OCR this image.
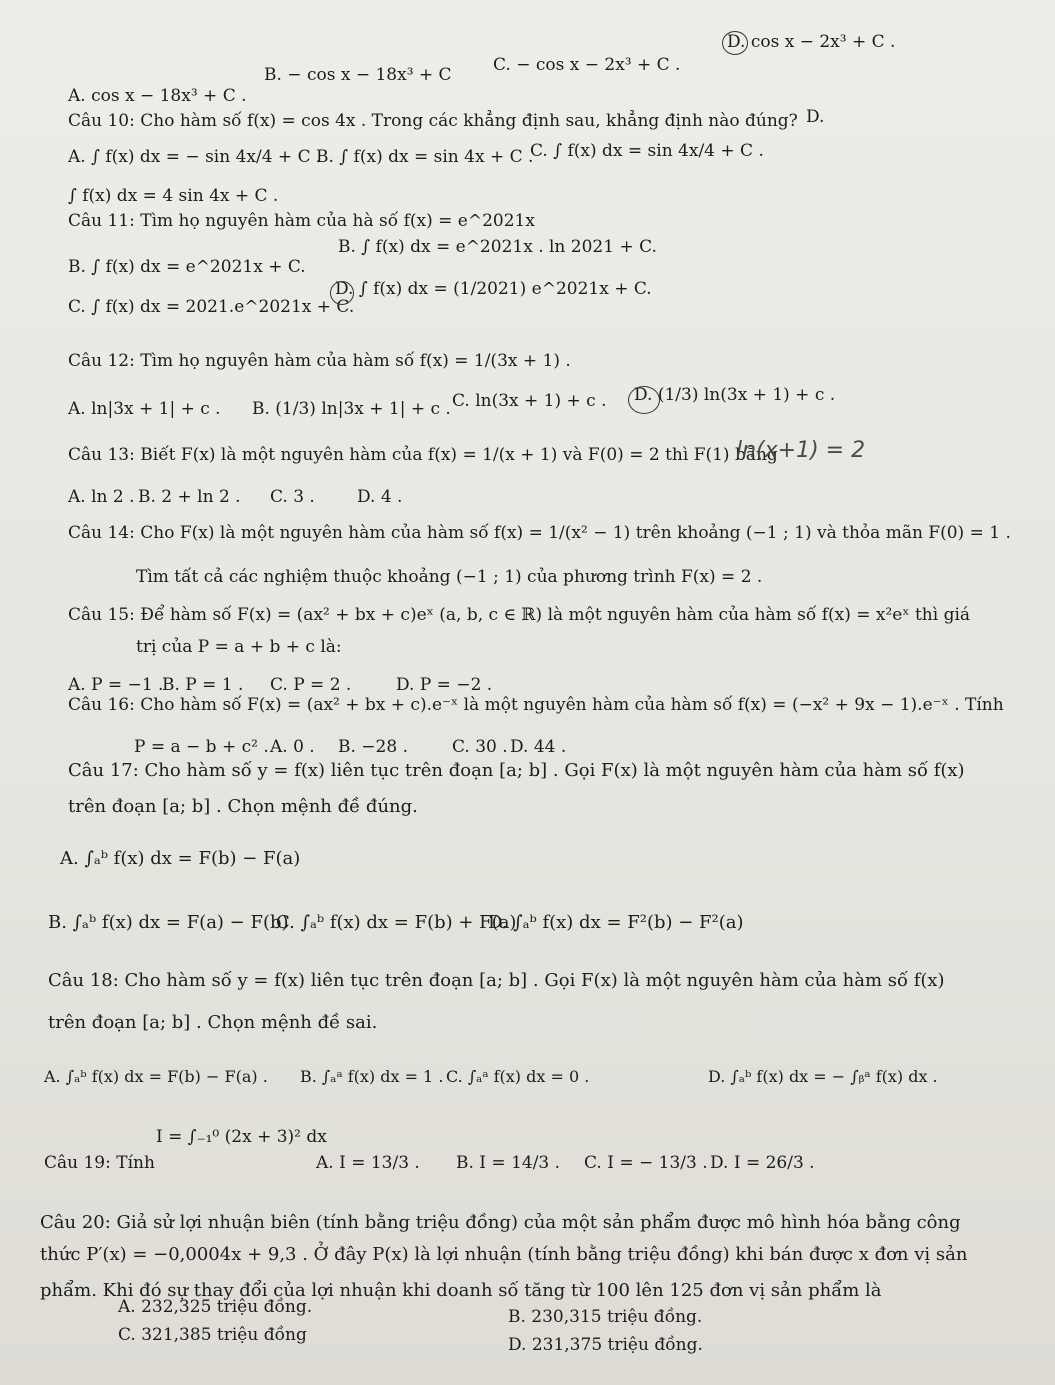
C. − cos x − 2x³ + C .
D. cos x − 2x³ + C .
A. cos x − 18x³ + C .
B. − cos x − 18x³ + C
Câu 10: Cho hàm số f(x) = cos 4x . Trong các khẳng định sau, khẳng định nào đúng?
A. ∫ f(x) dx = − sin 4x/4 + C .
B. ∫ f(x) dx = sin 4x + C .
C. ∫ f(x) dx = sin 4x/4 + C .
D.
∫ f(x) dx = 4 sin 4x + C .
Câu 11: Tìm họ nguyên hàm của hà số f(x) = e^2021x
B. ∫ f(x) dx = e^2021x + C.
B. ∫ f(x) dx = e^2021x . ln 2021 + C.
C. ∫ f(x) dx = 2021.e^2021x + C.
D. ∫ f(x) dx = (1/2021) e^2021x + C.
Câu 12: Tìm họ nguyên hàm của hàm số f(x) = 1/(3x + 1) .
A. ln|3x + 1| + c . B. (1/3) ln|3x + 1| + c . C. ln(3x + 1) + c . D. (1/3) ln(3x + 1) + c .
Câu 13: Biết F(x) là một nguyên hàm của f(x) = 1/(x + 1) và F(0) = 2 thì F(1) bằng
ln(x+1) = 2
A. ln 2 . B. 2 + ln 2 . C. 3 . D. 4 .
Câu 14: Cho F(x) là một nguyên hàm của hàm số f(x) = 1/(x² − 1) trên khoảng (−1 ; 1) và thỏa mãn F(0) = 1 .
Tìm tất cả các nghiệm thuộc khoảng (−1 ; 1) của phương trình F(x) = 2 .
Câu 15: Để hàm số F(x) = (ax² + bx + c)eˣ (a, b, c ∈ ℝ) là một nguyên hàm của hàm số f(x) = x²eˣ thì giá
trị của P = a + b + c là:
A. P = −1 .
B. P = 1 . C. P = 2 .	D. P = −2 .
Câu 16: Cho hàm số F(x) = (ax² + bx + c).e⁻ˣ là một nguyên hàm của hàm số f(x) = (−x² + 9x − 1).e⁻ˣ . Tính
P = a − b + c² . A. 0 . B. −28 .	C. 30 . D. 44 .
Câu 17: Cho hàm số y = f(x) liên tục trên đoạn [a; b] . Gọi F(x) là một nguyên hàm của hàm số f(x)
trên đoạn [a; b] . Chọn mệnh đề đúng.
A. ∫ₐᵇ f(x) dx = F(b) − F(a)
B. ∫ₐᵇ f(x) dx = F(a) − F(b)
C. ∫ₐᵇ f(x) dx = F(b) + F(a)
D. ∫ₐᵇ f(x) dx = F²(b) − F²(a)
Câu 18: Cho hàm số y = f(x) liên tục trên đoạn [a; b] . Gọi F(x) là một nguyên hàm của hàm số f(x)
trên đoạn [a; b] . Chọn mệnh đề sai.
A. ∫ₐᵇ f(x) dx = F(b) − F(a) . B. ∫ₐᵃ f(x) dx = 1 . C. ∫ₐᵃ f(x) dx = 0 .	D. ∫ₐᵇ f(x) dx = − ∫ᵦᵃ f(x) dx .
Câu 19: Tính
I = ∫₋₁⁰ (2x + 3)² dx
A. I = 13/3 . B. I = 14/3 . C. I = − 13/3 . D. I = 26/3 .
Câu 20: Giả sử lợi nhuận biên (tính bằng triệu đồng) của một sản phẩm được mô hình hóa bằng công
thức P′(x) = −0,0004x + 9,3 . Ở đây P(x) là lợi nhuận (tính bằng triệu đồng) khi bán được x đơn vị sản
phẩm. Khi đó sự thay đổi của lợi nhuận khi doanh số tăng từ 100 lên 125 đơn vị sản phẩm là
A. 232,325 triệu đồng.	B. 230,315 triệu đồng.
C. 321,385 triệu đồng	D. 231,375 triệu đồng.
